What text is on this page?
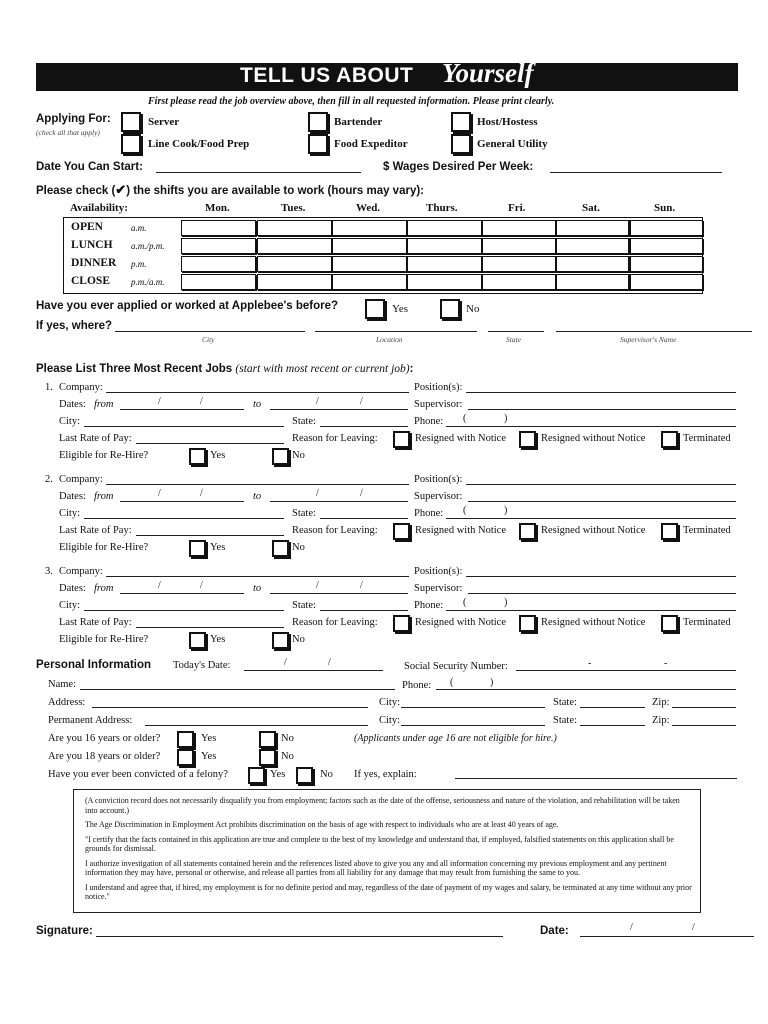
TELL US ABOUT Yourself
First please read the job overview above, then fill in all requested information. Please print clearly.
Applying For:
(check all that apply)
Server	Bartender	Host/Hostess
Line Cook/Food Prep	Food Expeditor	General Utility
Date You Can Start:	$ Wages Desired Per Week:
Please check (✔) the shifts you are available to work (hours may vary):
Availability:	Mon.	Tues.	Wed.	Thurs.	Fri.	Sat.	Sun.
OPEN	a.m.
LUNCH a.m./p.m.
DINNER p.m.
CLOSE p.m./a.m.
Have you ever applied or worked at Applebee's before?	Yes	No
If yes, where?
City	Location	State	Supervisor's Name
Please List Three Most Recent Jobs (start with most recent or current job):
1. Company:	Position(s):
Dates: from	/	/	to	/	/	Supervisor:
City:	State:	Phone: (	)
Last Rate of Pay:	Reason for Leaving:	Resigned with Notice	Resigned without Notice	Terminated
Eligible for Re-Hire?	Yes	No
2. Company:	Position(s):
Dates: from	/	/	to	/	/	Supervisor:
City:	State:	Phone: (	)
Last Rate of Pay:	Reason for Leaving:	Resigned with Notice	Resigned without Notice	Terminated
Eligible for Re-Hire?	Yes	No
3. Company:	Position(s):
Dates: from	/	/	to	/	/	Supervisor:
City:	State:	Phone: (	)
Last Rate of Pay:	Reason for Leaving:	Resigned with Notice	Resigned without Notice	Terminated
Eligible for Re-Hire?	Yes	No
Personal Information Today's Date:	/	/	Social Security Number:	-	-
Name:	Phone: (	)
Address:	City:	State:	Zip:
Permanent Address:	City:	State:	Zip:
Are you 16 years or older?	Yes	No	(Applicants under age 16 are not eligible for hire.)
Are you 18 years or older?	Yes	No
Have you ever been convicted of a felony?	Yes	No If yes, explain:
(A conviction record does not necessarily disqualify you from employment; factors such as the date of the offense, seriousness and nature of the violation, and rehabilitation will be taken into account.)
The Age Discrimination in Employment Act prohibits discrimination on the basis of age with respect to individuals who are at least 40 years of age.
"I certify that the facts contained in this application are true and complete to the best of my knowledge and understand that, if employed, falsified statements on this application shall be grounds for dismissal.
I authorize investigation of all statements contained herein and the references listed above to give you any and all information concerning my previous employment and any pertinent information they may have, personal or otherwise, and release all parties from all liability for any damage that may result from furnishing the same to you.
I understand and agree that, if hired, my employment is for no definite period and may, regardless of the date of payment of my wages and salary, be terminated at any time without any prior notice."
Signature:	Date:	/	/
